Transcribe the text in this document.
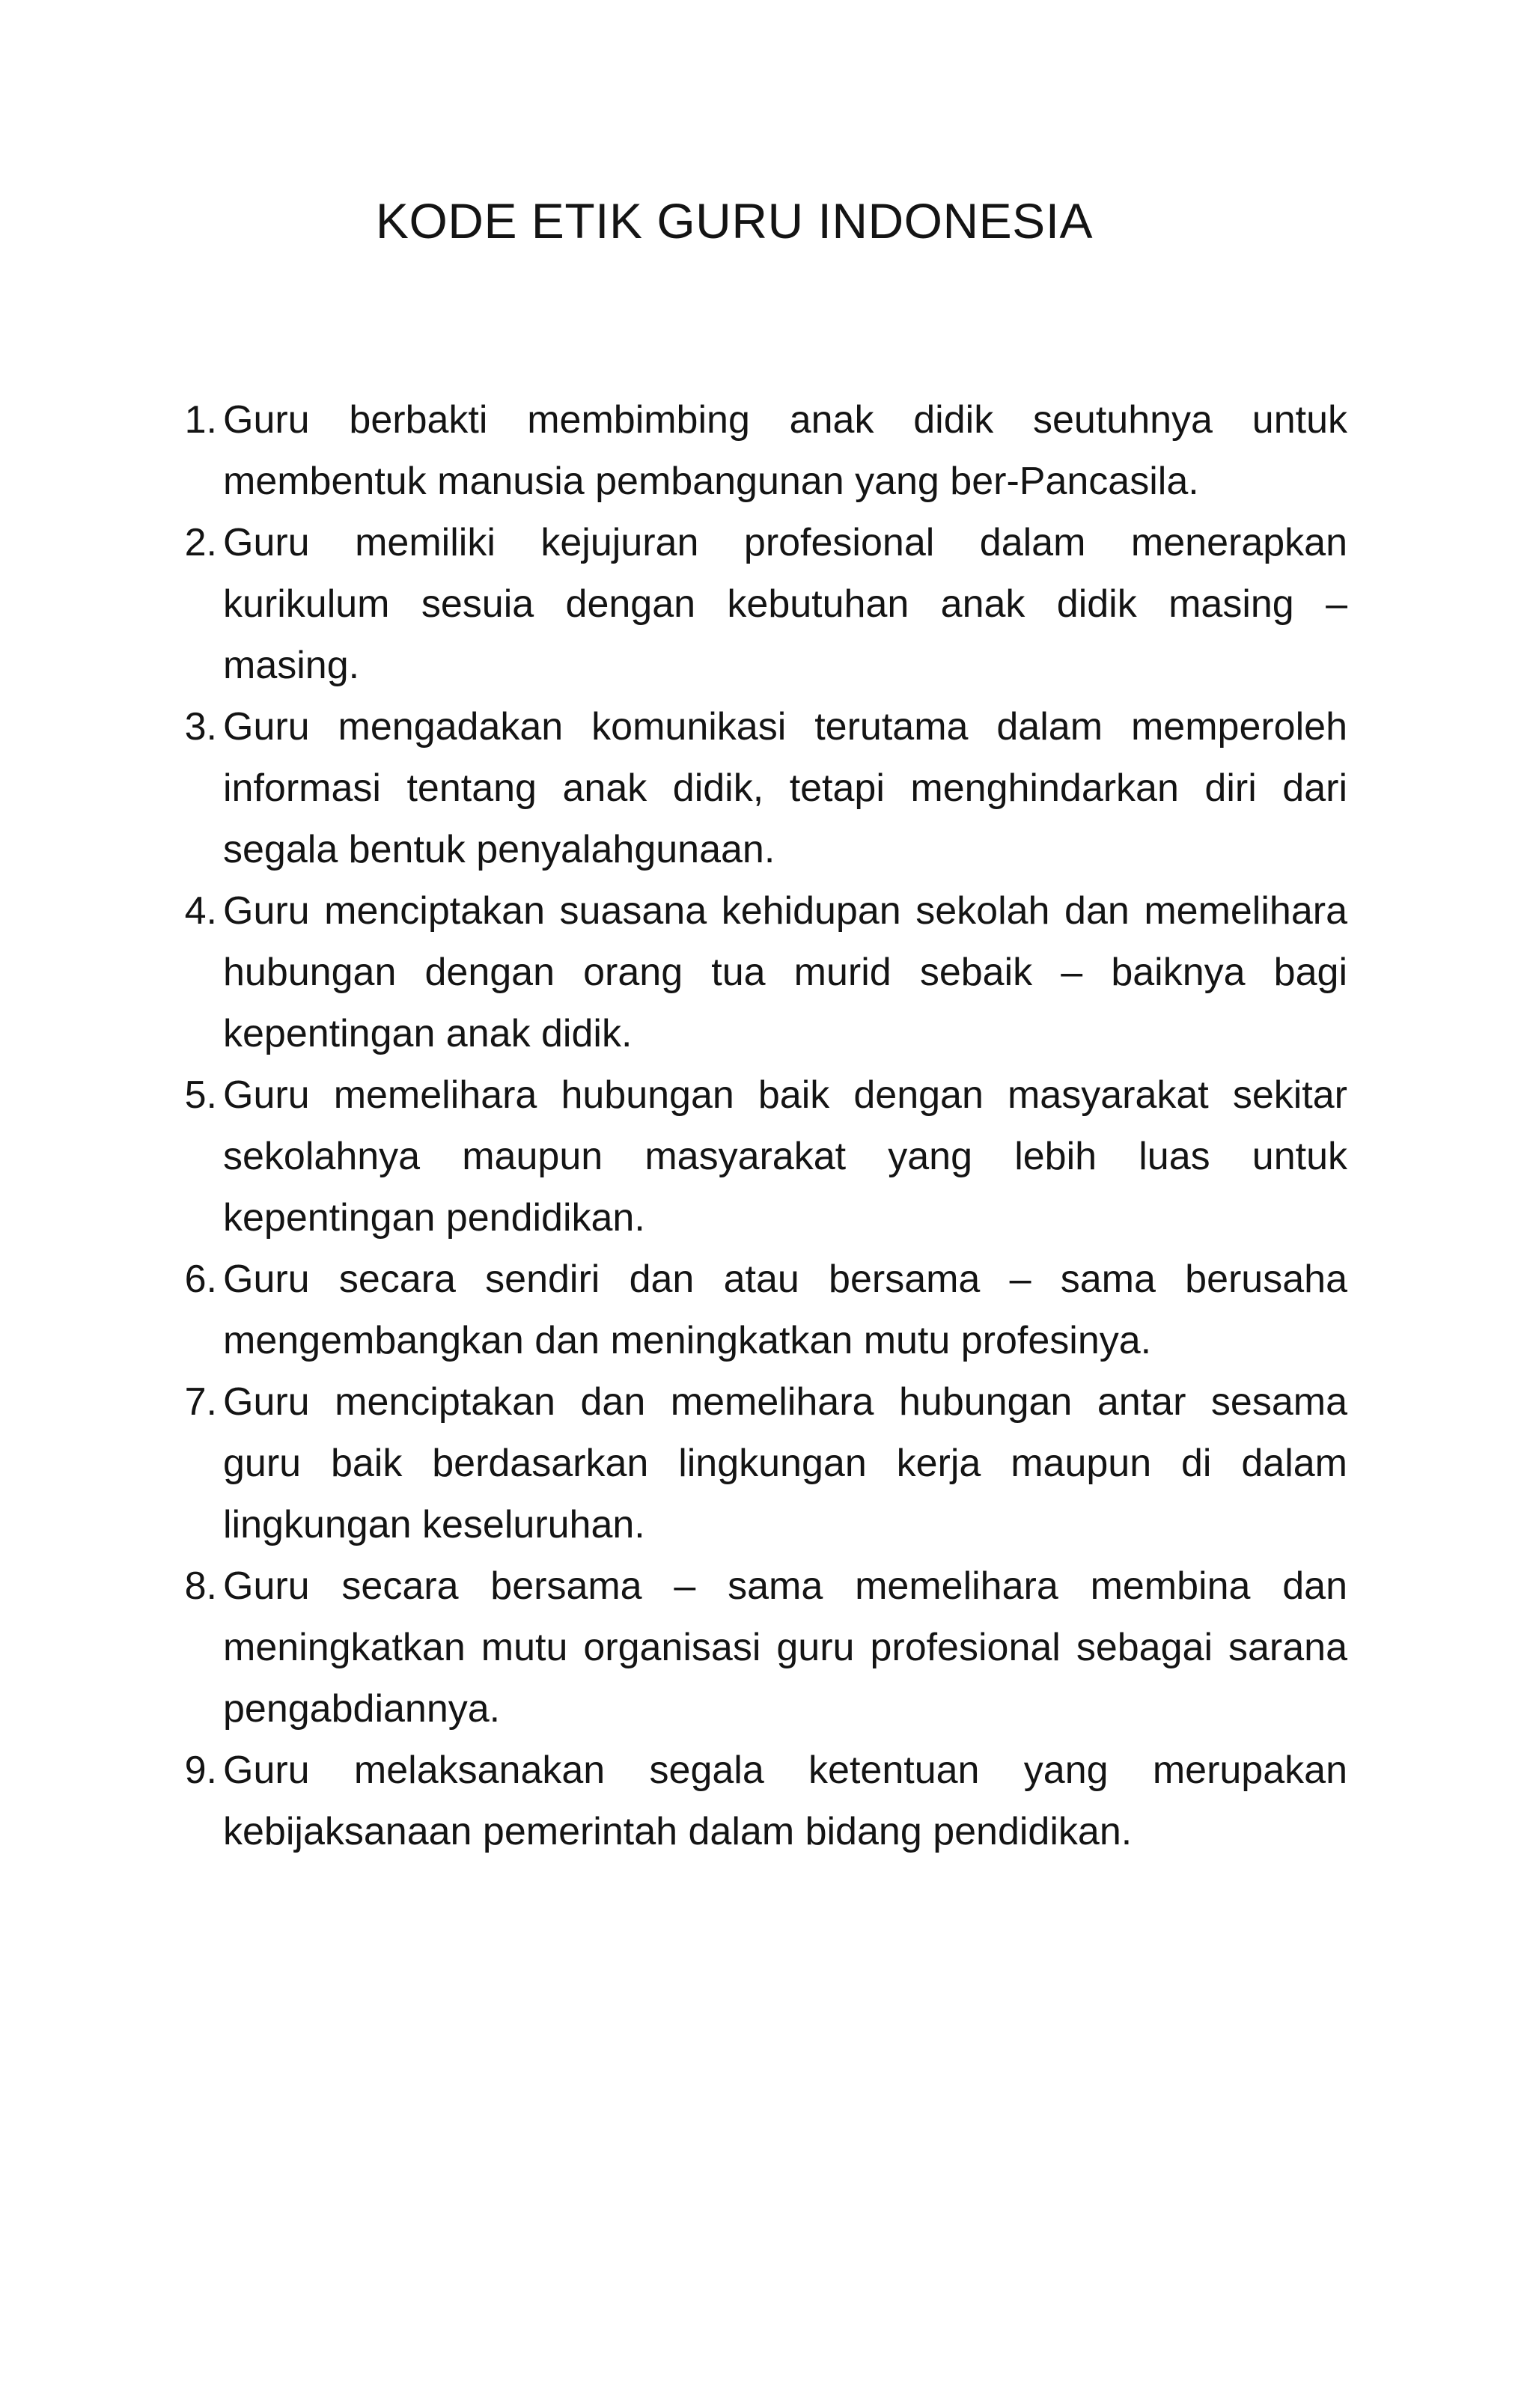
KODE ETIK GURU INDONESIA
1. Guru berbakti membimbing anak didik seutuhnya untuk membentuk manusia pembangunan yang ber-Pancasila.
2. Guru memiliki kejujuran profesional dalam menerapkan kurikulum sesuia dengan kebutuhan anak didik masing – masing.
3. Guru mengadakan komunikasi terutama dalam memperoleh informasi tentang anak didik, tetapi menghindarkan diri dari segala bentuk penyalahgunaan.
4. Guru menciptakan suasana kehidupan sekolah dan memelihara hubungan dengan orang tua murid sebaik – baiknya bagi kepentingan anak didik.
5. Guru memelihara hubungan baik dengan masyarakat sekitar sekolahnya maupun masyarakat yang lebih luas untuk kepentingan pendidikan.
6. Guru secara sendiri dan atau bersama – sama berusaha mengembangkan dan meningkatkan mutu profesinya.
7. Guru menciptakan dan memelihara hubungan antar sesama guru baik berdasarkan lingkungan kerja maupun di dalam lingkungan keseluruhan.
8. Guru secara bersama – sama memelihara membina dan meningkatkan mutu organisasi guru profesional sebagai sarana pengabdiannya.
9. Guru melaksanakan segala ketentuan yang merupakan kebijaksanaan pemerintah dalam bidang pendidikan.
